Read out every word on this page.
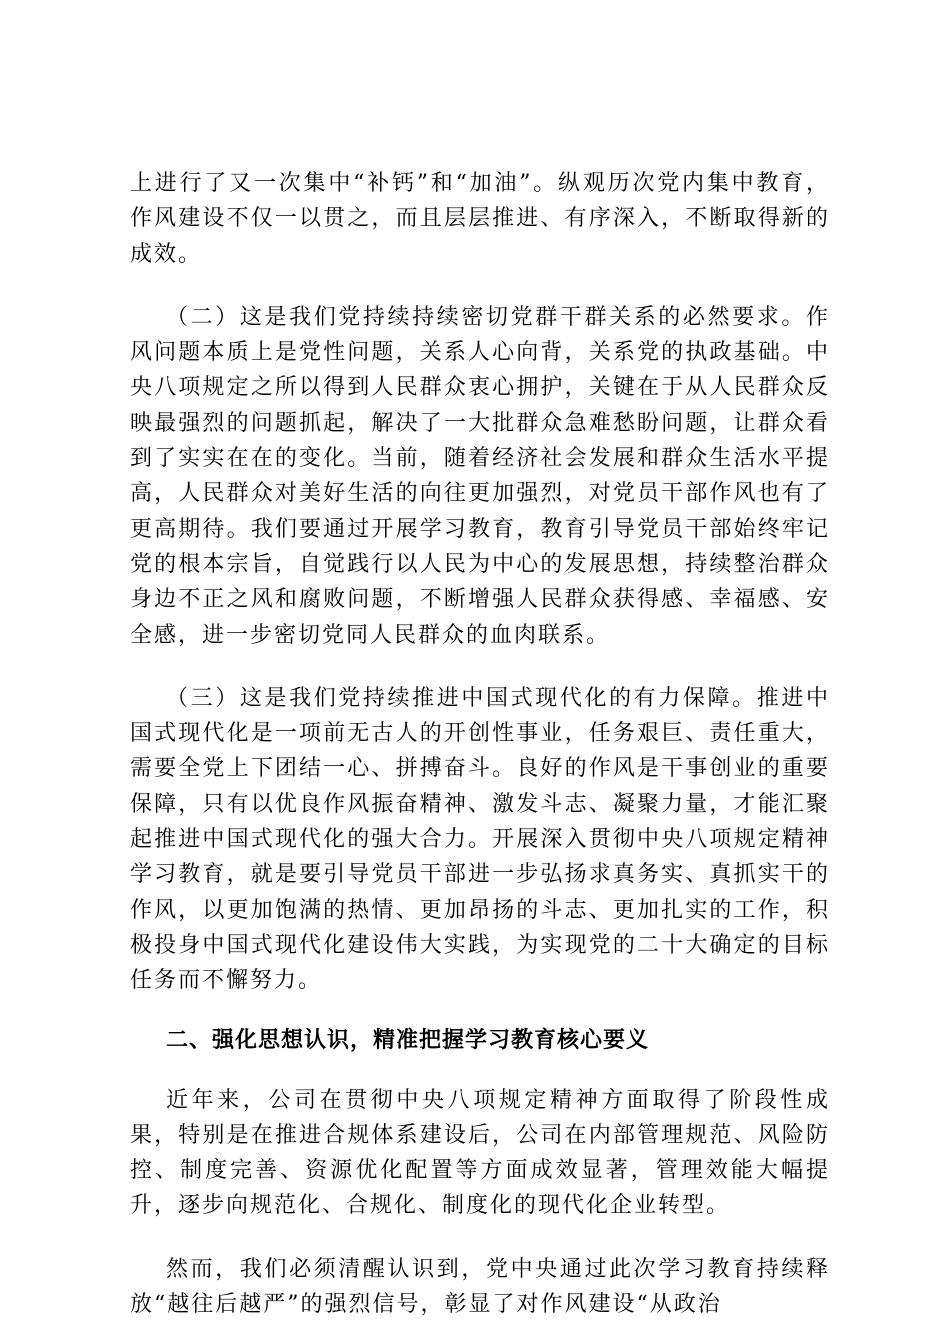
上进行了又一次集中“补钙”和“加油”。纵观历次党内集中教育，作风建设不仅一以贯之，而且层层推进、有序深入，不断取得新的成效。

（二）这是我们党持续持续密切党群干群关系的必然要求。作风问题本质上是党性问题，关系人心向背，关系党的执政基础。中央八项规定之所以得到人民群众衷心拥护，关键在于从人民群众反映最强烈的问题抓起，解决了一大批群众急难愁盼问题，让群众看到了实实在在的变化。当前，随着经济社会发展和群众生活水平提高，人民群众对美好生活的向往更加强烈，对党员干部作风也有了更高期待。我们要通过开展学习教育，教育引导党员干部始终牢记党的根本宗旨，自觉践行以人民为中心的发展思想，持续整治群众身边不正之风和腐败问题，不断增强人民群众获得感、幸福感、安全感，进一步密切党同人民群众的血肉联系。

（三）这是我们党持续推进中国式现代化的有力保障。推进中国式现代化是一项前无古人的开创性事业，任务艰巨、责任重大，需要全党上下团结一心、拼搏奋斗。良好的作风是干事创业的重要保障，只有以优良作风振奋精神、激发斗志、凝聚力量，才能汇聚起推进中国式现代化的强大合力。开展深入贯彻中央八项规定精神学习教育，就是要引导党员干部进一步弘扬求真务实、真抓实干的作风，以更加饱满的热情、更加昂扬的斗志、更加扎实的工作，积极投身中国式现代化建设伟大实践，为实现党的二十大确定的目标任务而不懈努力。

二、强化思想认识，精准把握学习教育核心要义

近年来，公司在贯彻中央八项规定精神方面取得了阶段性成果，特别是在推进合规体系建设后，公司在内部管理规范、风险防控、制度完善、资源优化配置等方面成效显著，管理效能大幅提升，逐步向规范化、合规化、制度化的现代化企业转型。

然而，我们必须清醒认识到，党中央通过此次学习教育持续释放“越往后越严”的强烈信号，彰显了对作风建设“从政治
